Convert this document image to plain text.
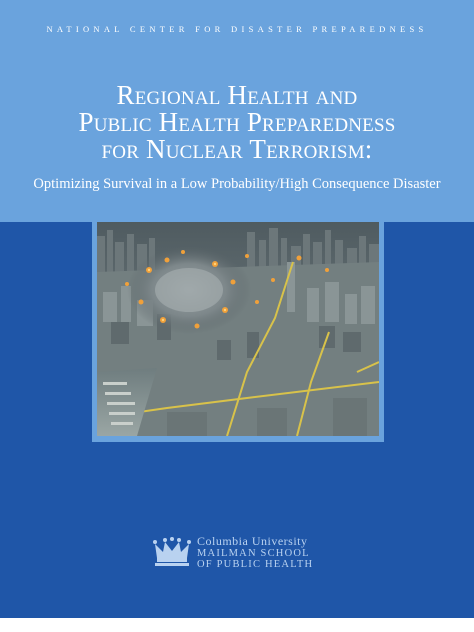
NATIONAL CENTER FOR DISASTER PREPAREDNESS
Regional Health and
Public Health Preparedness
for Nuclear Terrorism:
Optimizing Survival in a Low Probability/High Consequence Disaster
Columbia University
MAILMAN SCHOOL
OF PUBLIC HEALTH
